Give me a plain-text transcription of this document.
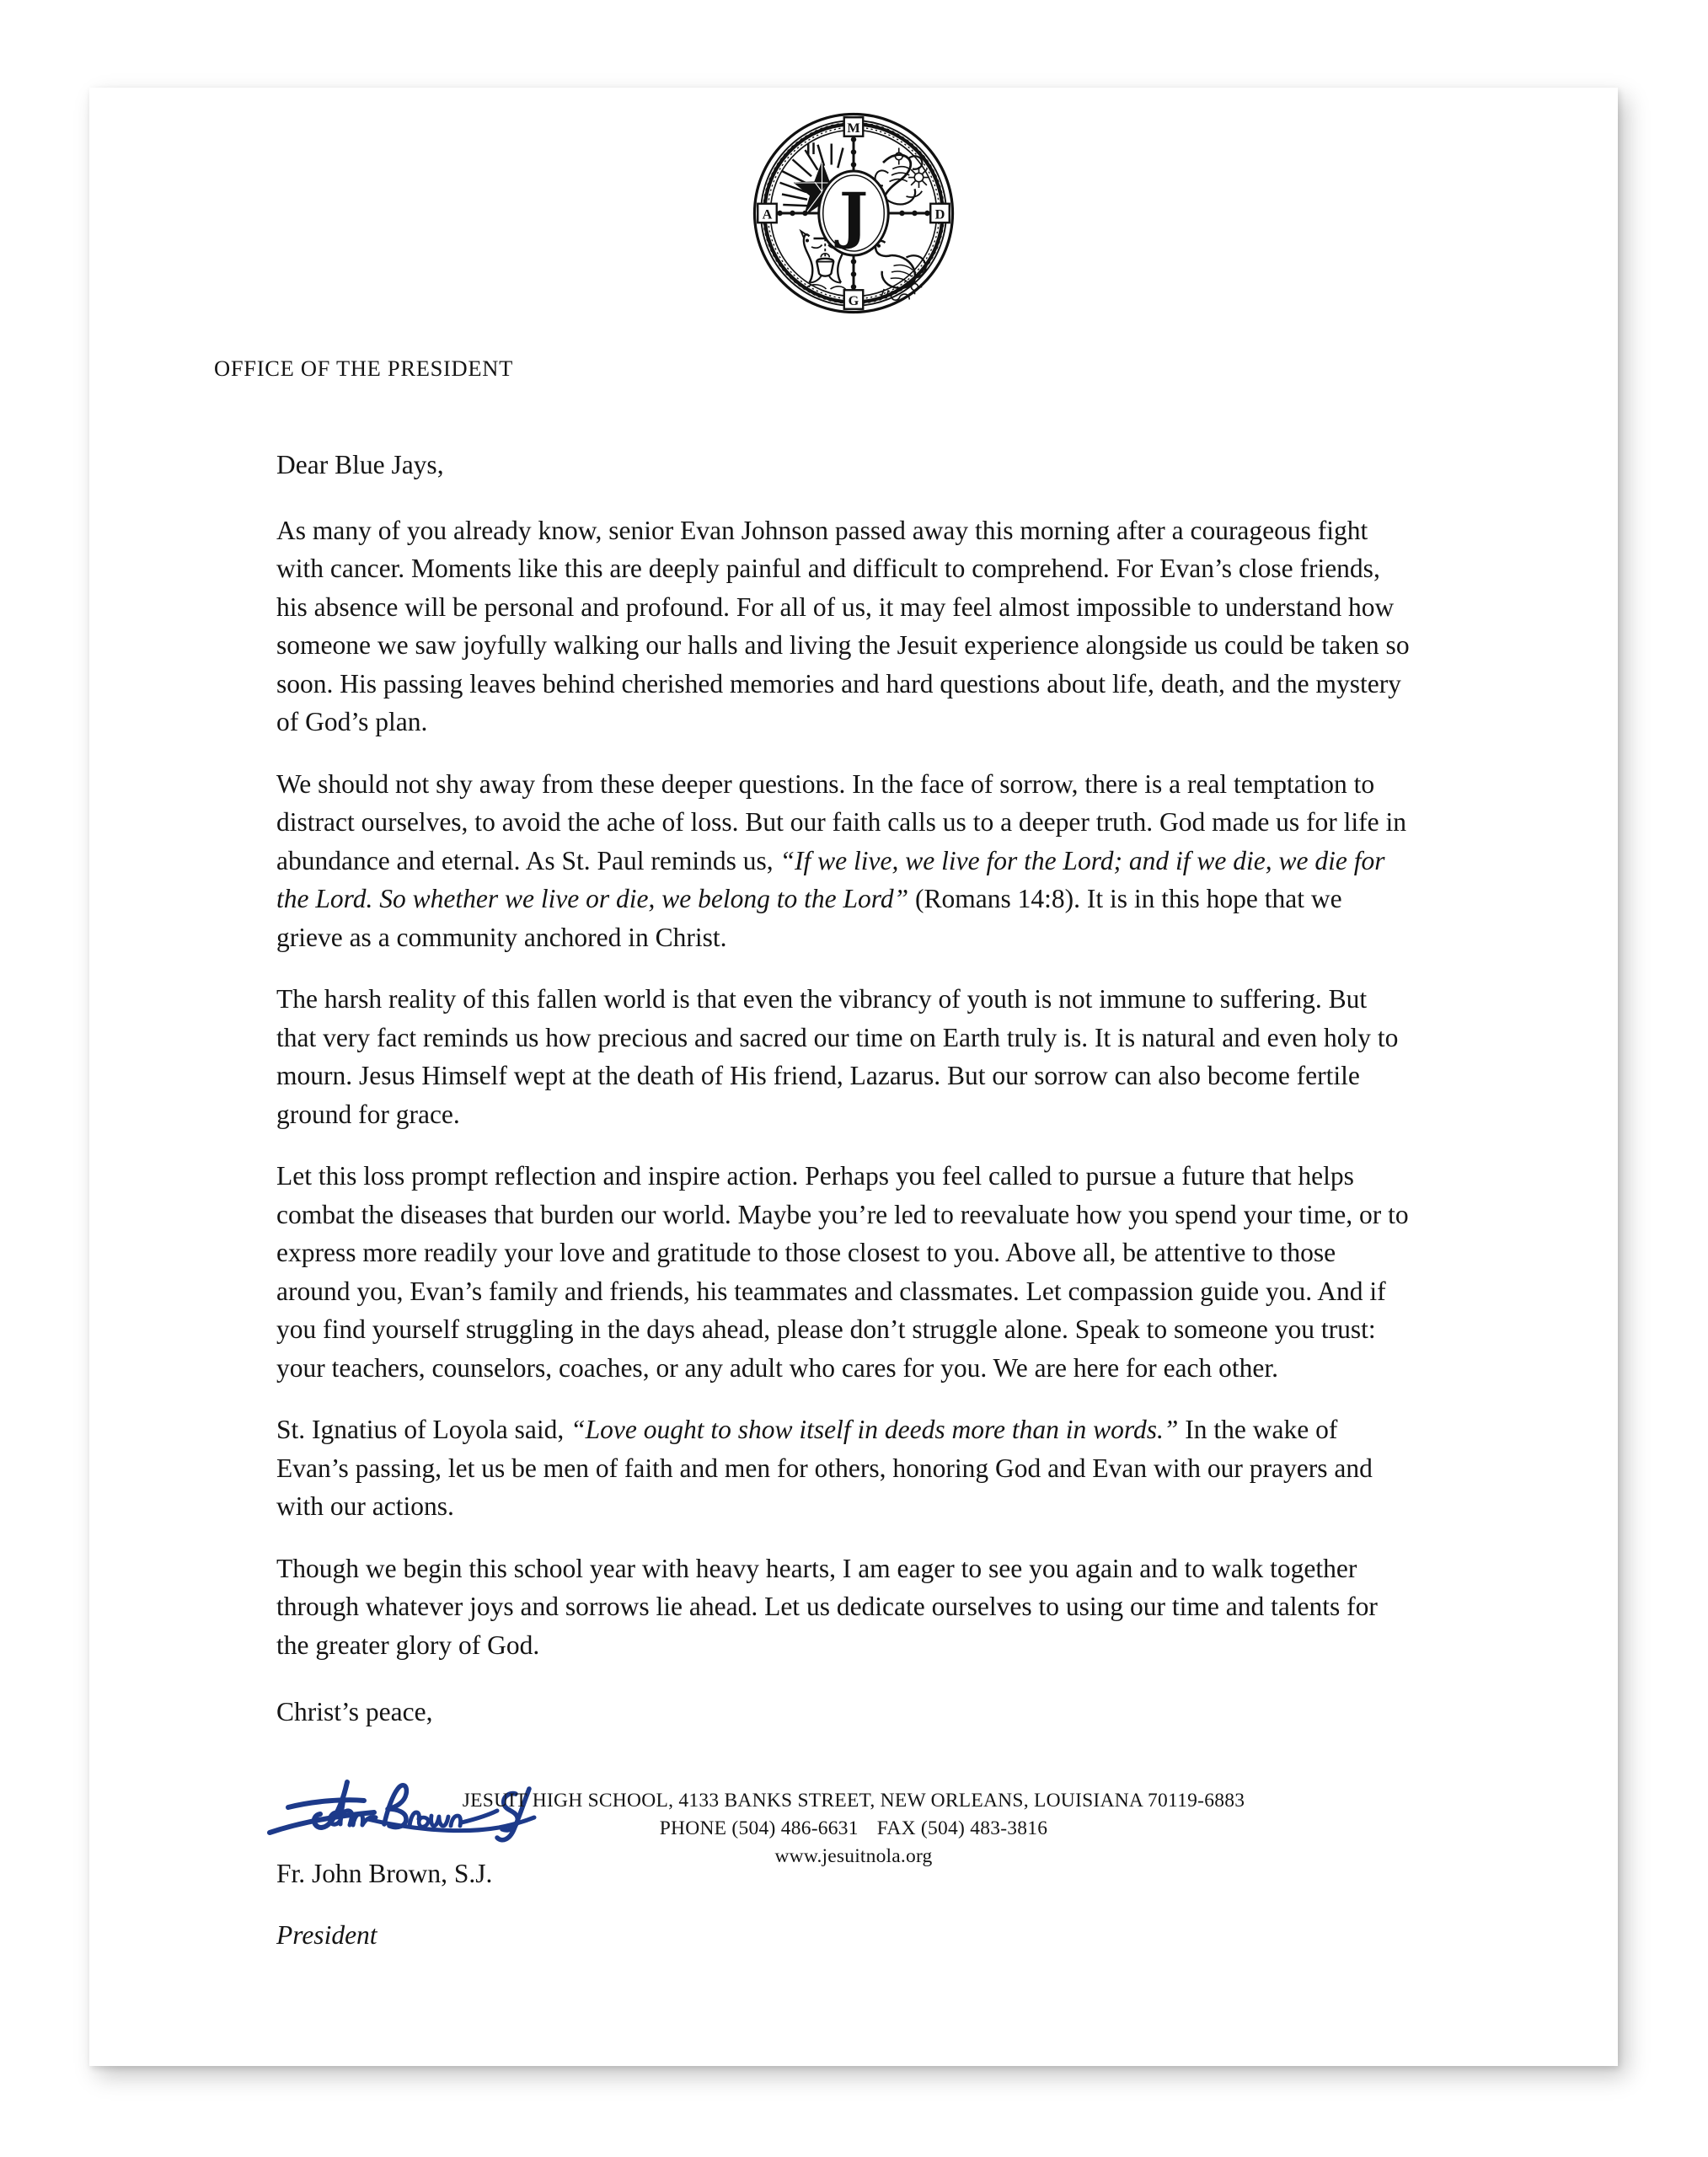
M
G
A	D
J
OFFICE OF THE PRESIDENT

Dear Blue Jays,

As many of you already know, senior Evan Johnson passed away this morning after a courageous fight with cancer. Moments like this are deeply painful and difficult to comprehend. For Evan’s close friends, his absence will be personal and profound. For all of us, it may feel almost impossible to understand how someone we saw joyfully walking our halls and living the Jesuit experience alongside us could be taken so soon. His passing leaves behind cherished memories and hard questions about life, death, and the mystery of God’s plan.

We should not shy away from these deeper questions. In the face of sorrow, there is a real temptation to distract ourselves, to avoid the ache of loss. But our faith calls us to a deeper truth. God made us for life in abundance and eternal. As St. Paul reminds us, “If we live, we live for the Lord; and if we die, we die for the Lord. So whether we live or die, we belong to the Lord” (Romans 14:8). It is in this hope that we grieve as a community anchored in Christ.

The harsh reality of this fallen world is that even the vibrancy of youth is not immune to suffering. But that very fact reminds us how precious and sacred our time on Earth truly is. It is natural and even holy to mourn. Jesus Himself wept at the death of His friend, Lazarus. But our sorrow can also become fertile ground for grace.

Let this loss prompt reflection and inspire action. Perhaps you feel called to pursue a future that helps combat the diseases that burden our world. Maybe you’re led to reevaluate how you spend your time, or to express more readily your love and gratitude to those closest to you. Above all, be attentive to those around you, Evan’s family and friends, his teammates and classmates. Let compassion guide you. And if you find yourself struggling in the days ahead, please don’t struggle alone. Speak to someone you trust: your teachers, counselors, coaches, or any adult who cares for you. We are here for each other.

St. Ignatius of Loyola said, “Love ought to show itself in deeds more than in words.” In the wake of Evan’s passing, let us be men of faith and men for others, honoring God and Evan with our prayers and with our actions.

Though we begin this school year with heavy hearts, I am eager to see you again and to walk together through whatever joys and sorrows lie ahead. Let us dedicate ourselves to using our time and talents for the greater glory of God.

Christ’s peace,

Fr. John Brown, S.J.

President

JESUIT HIGH SCHOOL, 4133 BANKS STREET, NEW ORLEANS, LOUISIANA 70119-6883

PHONE (504) 486-6631 FAX (504) 483-3816

www.jesuitnola.org
